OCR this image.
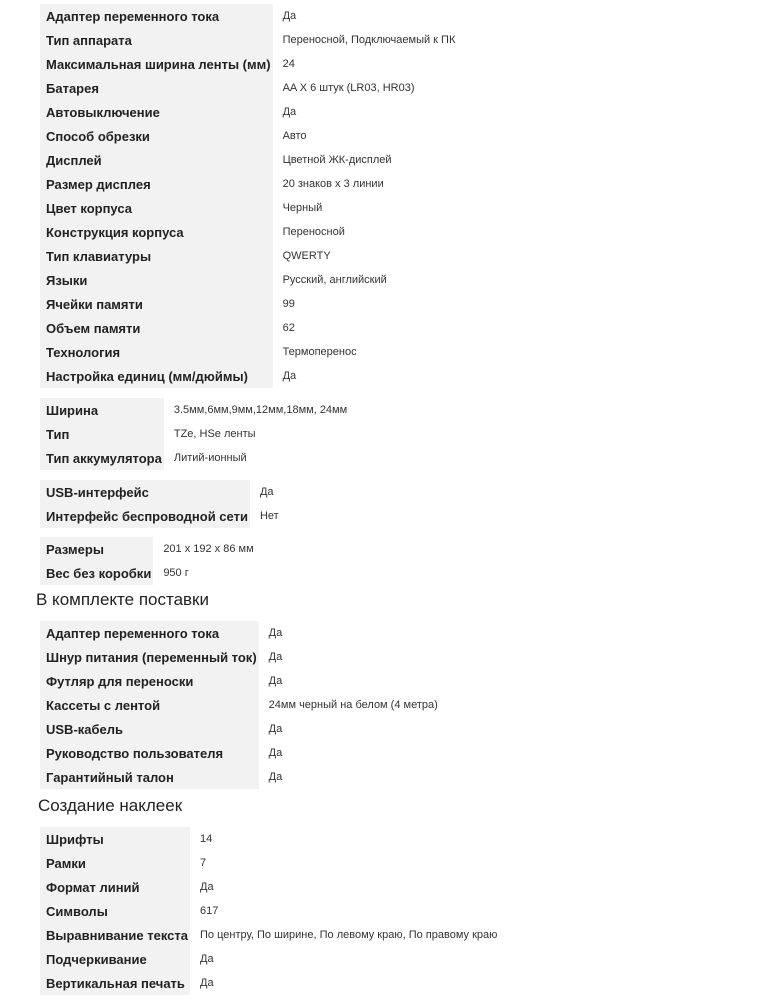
Адаптер переменного тока	Да
Тип аппарата	Переносной, Подключаемый к ПК
Максимальная ширина ленты (мм)	24
Батарея	AA X 6 штук (LR03, HR03)
Автовыключение	Да
Способ обрезки	Авто
Дисплей	Цветной ЖК-дисплей
Размер дисплея	20 знаков x 3 линии
Цвет корпуса	Черный
Конструкция корпуса	Переносной
Тип клавиатуры	QWERTY
Языки	Русский, английский
Ячейки памяти	99
Объем памяти	62
Технология	Термоперенос
Настройка единиц (мм/дюймы)	Да
Ширина	3.5мм,6мм,9мм,12мм,18мм, 24мм
Тип	TZe, HSe ленты
Тип аккумулятора	Литий-ионный
USB-интерфейс	Да
Интерфейс беспроводной сети	Нет
Размеры	201 x 192 x 86 мм
Вес без коробки	950 г
В комплекте поставки
Адаптер переменного тока	Да
Шнур питания (переменный ток)	Да
Футляр для переноски	Да
Кассеты с лентой	24мм черный на белом (4 метра)
USB-кабель	Да
Руководство пользователя	Да
Гарантийный талон	Да
Создание наклеек
Шрифты	14
Рамки	7
Формат линий	Да
Символы	617
Выравнивание текста	По центру, По ширине, По левому краю, По правому краю
Подчеркивание	Да
Вертикальная печать	Да
